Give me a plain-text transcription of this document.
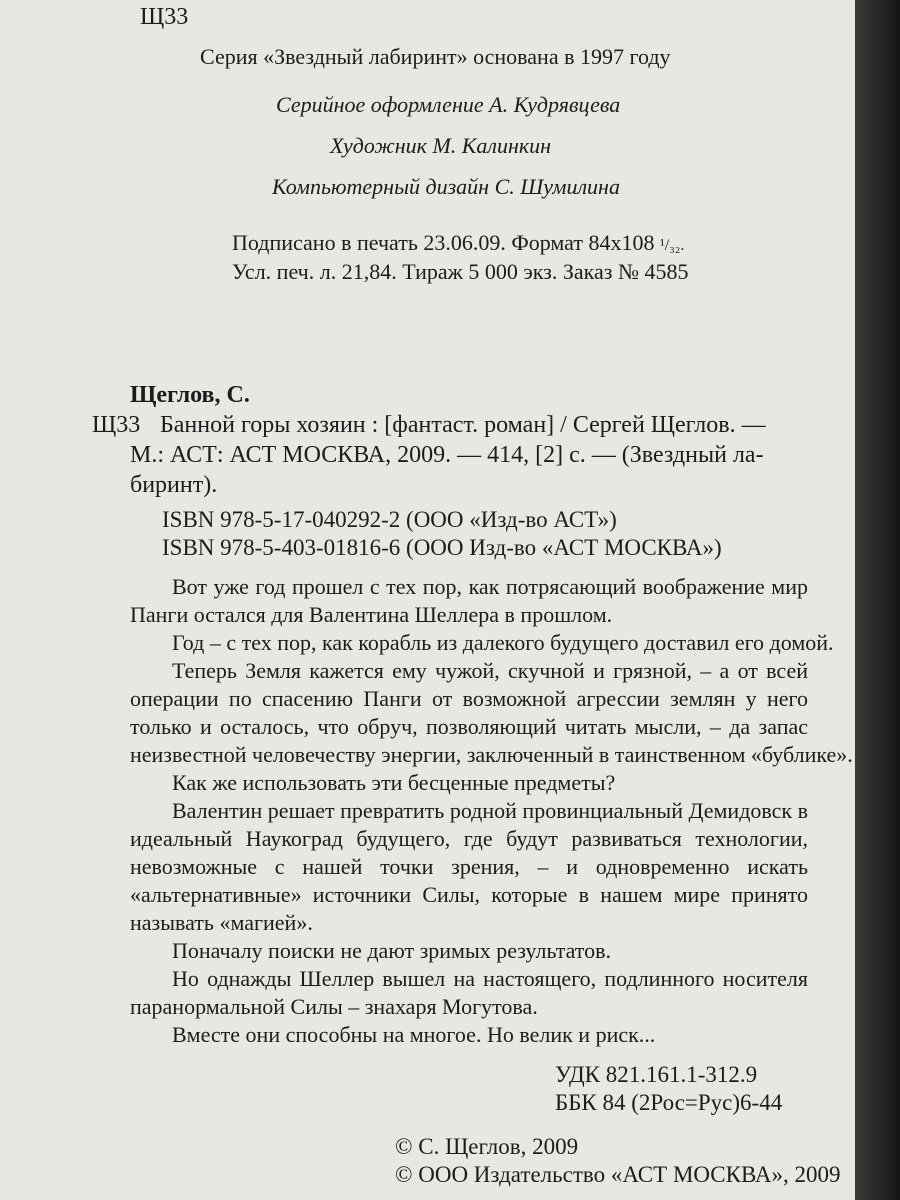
Щ33
Серия «Звездный лабиринт» основана в 1997 году
Серийное оформление А. Кудрявцева
Художник М. Калинкин
Компьютерный дизайн С. Шумилина
Подписано в печать 23.06.09. Формат 84х108 ¹/₃₂.
Усл. печ. л. 21,84. Тираж 5 000 экз. Заказ № 4585
Щеглов, С.
Щ33 Банной горы хозяин : [фантаст. роман] / Сергей Щеглов. —
М.: АСТ: АСТ МОСКВА, 2009. — 414, [2] с. — (Звездный ла-
биринт).
ISBN 978-5-17-040292-2 (ООО «Изд-во АСТ»)
ISBN 978-5-403-01816-6 (ООО Изд-во «АСТ МОСКВА»)
Вот уже год прошел с тех пор, как потрясающий воображение мир
Панги остался для Валентина Шеллера в прошлом.
Год – с тех пор, как корабль из далекого будущего доставил его домой.
Теперь Земля кажется ему чужой, скучной и грязной, – а от всей
операции по спасению Панги от возможной агрессии землян у него
только и осталось, что обруч, позволяющий читать мысли, – да запас
неизвестной человечеству энергии, заключенный в таинственном «бублике».
Как же использовать эти бесценные предметы?
Валентин решает превратить родной провинциальный Демидовск в
идеальный Наукоград будущего, где будут развиваться технологии,
невозможные с нашей точки зрения, – и одновременно искать
«альтернативные» источники Силы, которые в нашем мире принято
называть «магией».
Поначалу поиски не дают зримых результатов.
Но однажды Шеллер вышел на настоящего, подлинного носителя
паранормальной Силы – знахаря Могутова.
Вместе они способны на многое. Но велик и риск...
УДК 821.161.1-312.9
ББК 84 (2Рос=Рус)6-44
© С. Щеглов, 2009
© ООО Издательство «АСТ МОСКВА», 2009
